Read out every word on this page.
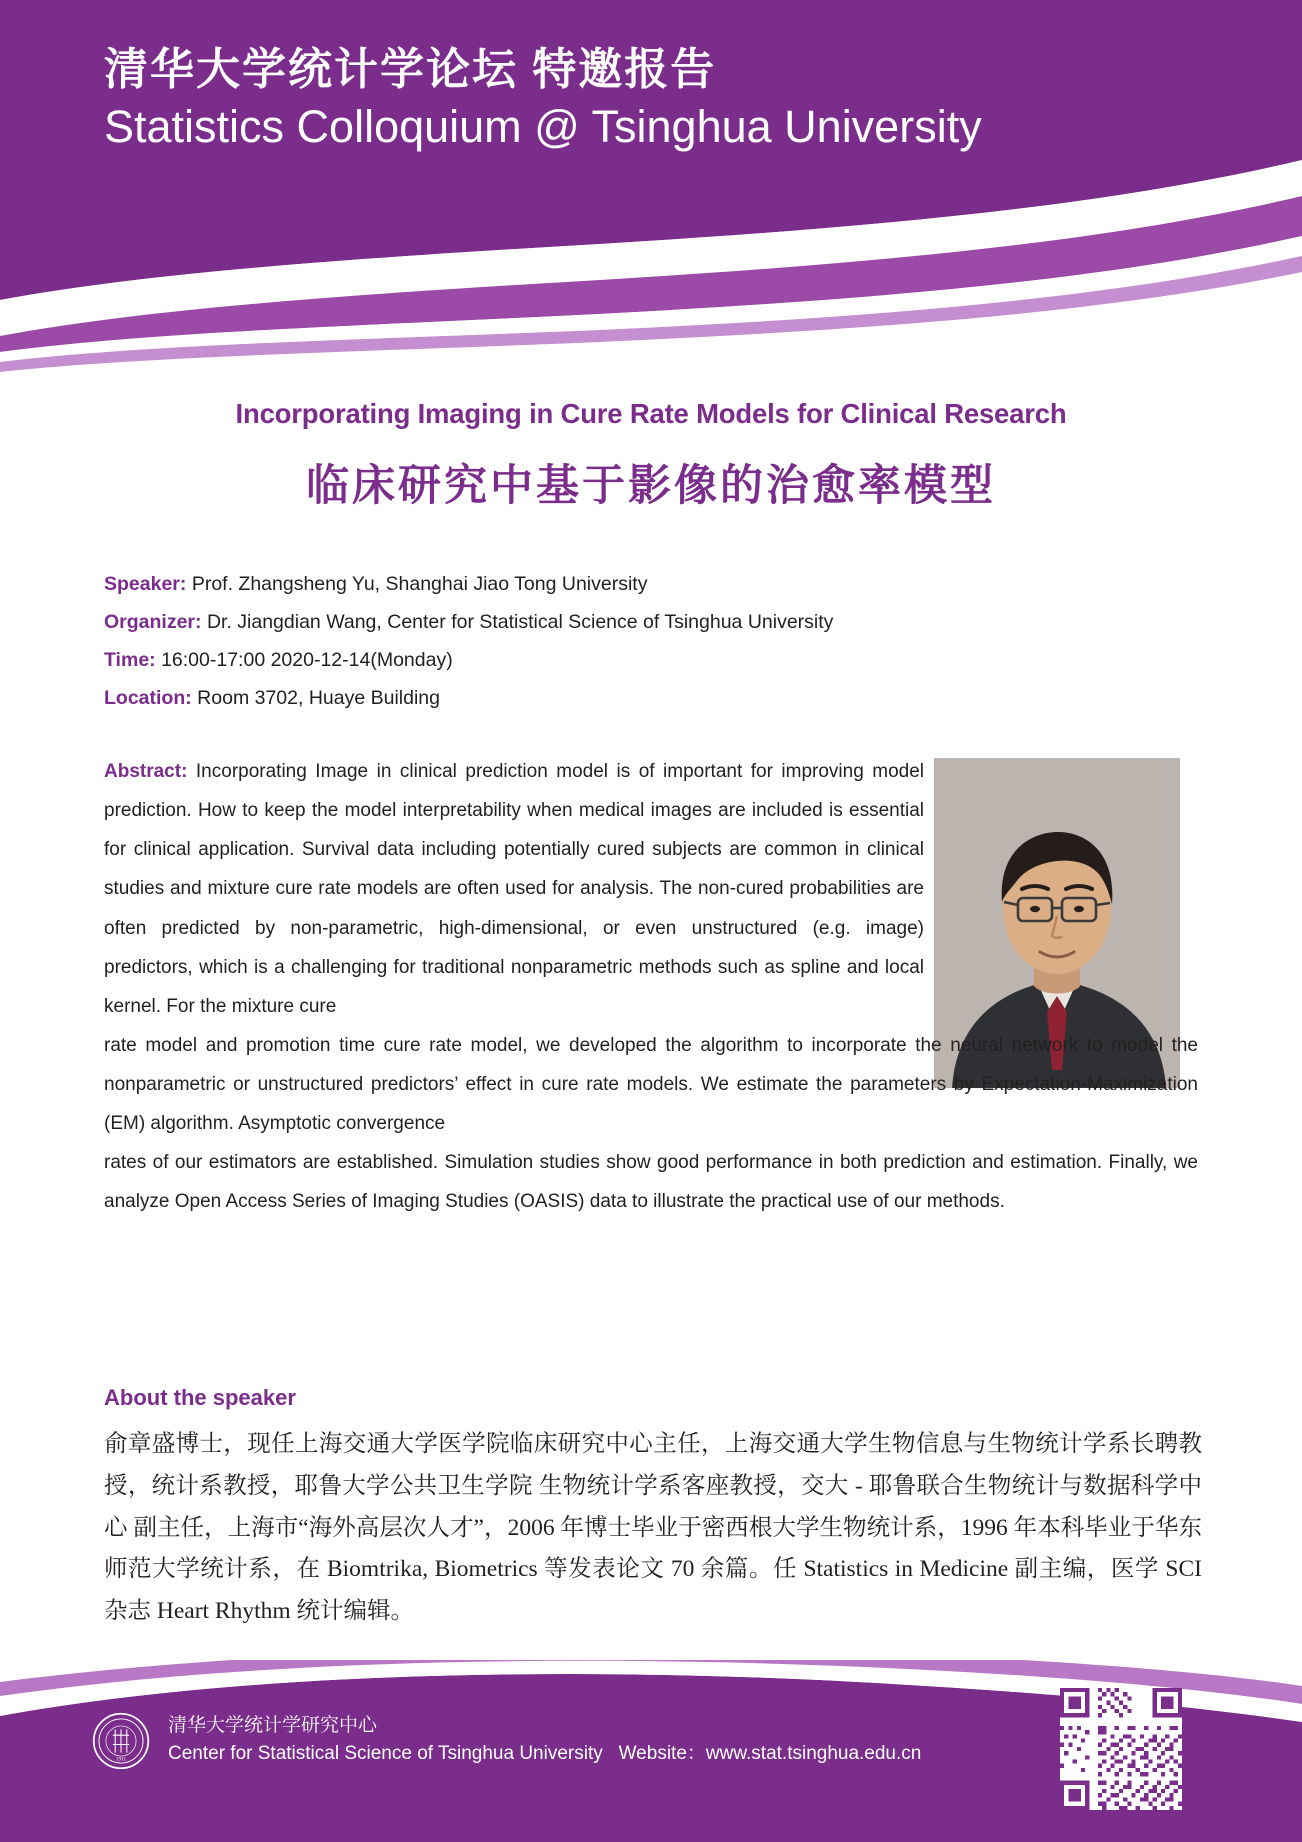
清华大学统计学论坛 特邀报告
Statistics Colloquium @ Tsinghua University
Incorporating Imaging in Cure Rate Models for Clinical Research
临床研究中基于影像的治愈率模型
Speaker: Prof. Zhangsheng Yu, Shanghai Jiao Tong University
Organizer: Dr. Jiangdian Wang, Center for Statistical Science of Tsinghua University
Time: 16:00-17:00 2020-12-14(Monday)
Location: Room 3702, Huaye Building
Abstract: Incorporating Image in clinical prediction model is of important for improving model prediction. How to keep the model interpretability when medical images are included is essential for clinical application. Survival data including potentially cured subjects are common in clinical studies and mixture cure rate models are often used for analysis. The non-cured probabilities are often predicted by non-parametric, high-dimensional, or even unstructured (e.g. image) predictors, which is a challenging for traditional nonparametric methods such as spline and local kernel. For the mixture cure
rate model and promotion time cure rate model, we developed the algorithm to incorporate the neural network to model the nonparametric or unstructured predictors’ effect in cure rate models. We estimate the parameters by Expectation-Maximization (EM) algorithm. Asymptotic convergence
rates of our estimators are established. Simulation studies show good performance in both prediction and estimation. Finally, we analyze Open Access Series of Imaging Studies (OASIS) data to illustrate the practical use of our methods.
About the speaker
俞章盛博士，现任上海交通大学医学院临床研究中心主任，上海交通大学生物信息与生物统计学系长聘教授，统计系教授，耶鲁大学公共卫生学院 生物统计学系客座教授，交大 - 耶鲁联合生物统计与数据科学中心 副主任，上海市“海外高层次人才”，2006 年博士毕业于密西根大学生物统计系，1996 年本科毕业于华东师范大学统计系，在 Biomtrika, Biometrics 等发表论文 70 余篇。任 Statistics in Medicine 副主编，医学 SCI 杂志 Heart Rhythm 统计编辑。
1911
清华大学统计学研究中心
Center for Statistical Science of Tsinghua University Website：www.stat.tsinghua.edu.cn
